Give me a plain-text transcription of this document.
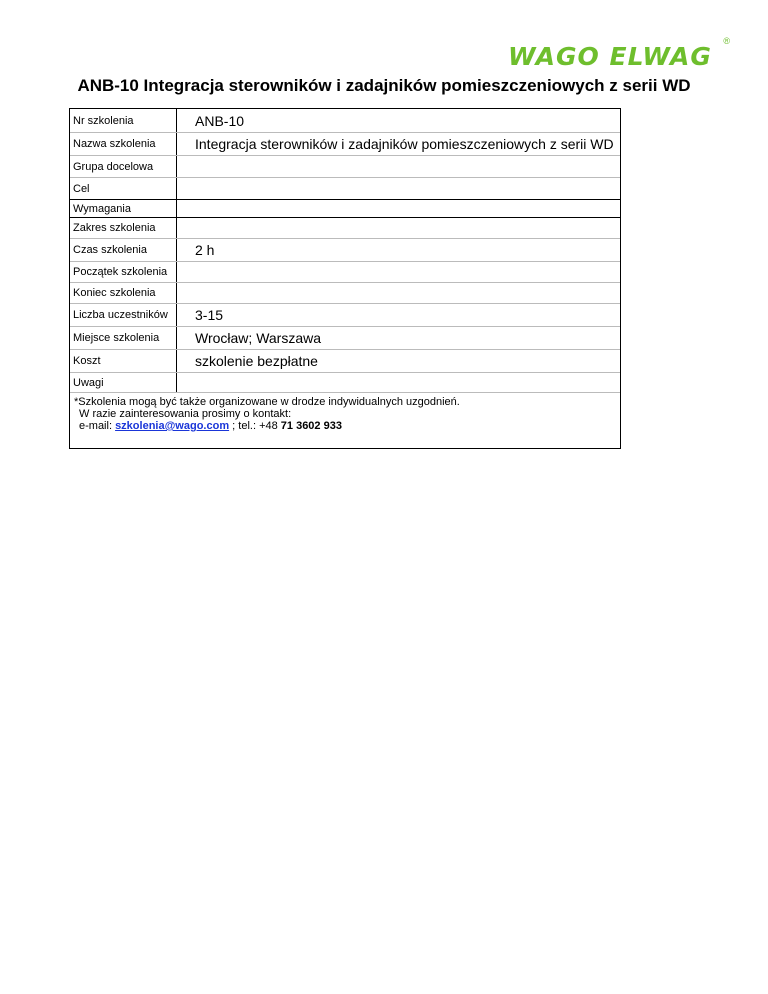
WAGO ELWAG
®
ANB-10 Integracja sterowników i zadajników pomieszczeniowych z serii WD
Nr szkolenia	ANB-10
Nazwa szkolenia	Integracja sterowników i zadajników pomieszczeniowych z serii WD
Grupa docelowa
Cel
Wymagania
Zakres szkolenia
Czas szkolenia	2 h
Początek szkolenia
Koniec szkolenia
Liczba uczestników	3-15
Miejsce szkolenia	Wrocław; Warszawa
Koszt	szkolenie bezpłatne
Uwagi
*Szkolenia mogą być także organizowane w drodze indywidualnych uzgodnień.
W razie zainteresowania prosimy o kontakt:
e-mail: szkolenia@wago.com ; tel.: +48 71 3602 933
